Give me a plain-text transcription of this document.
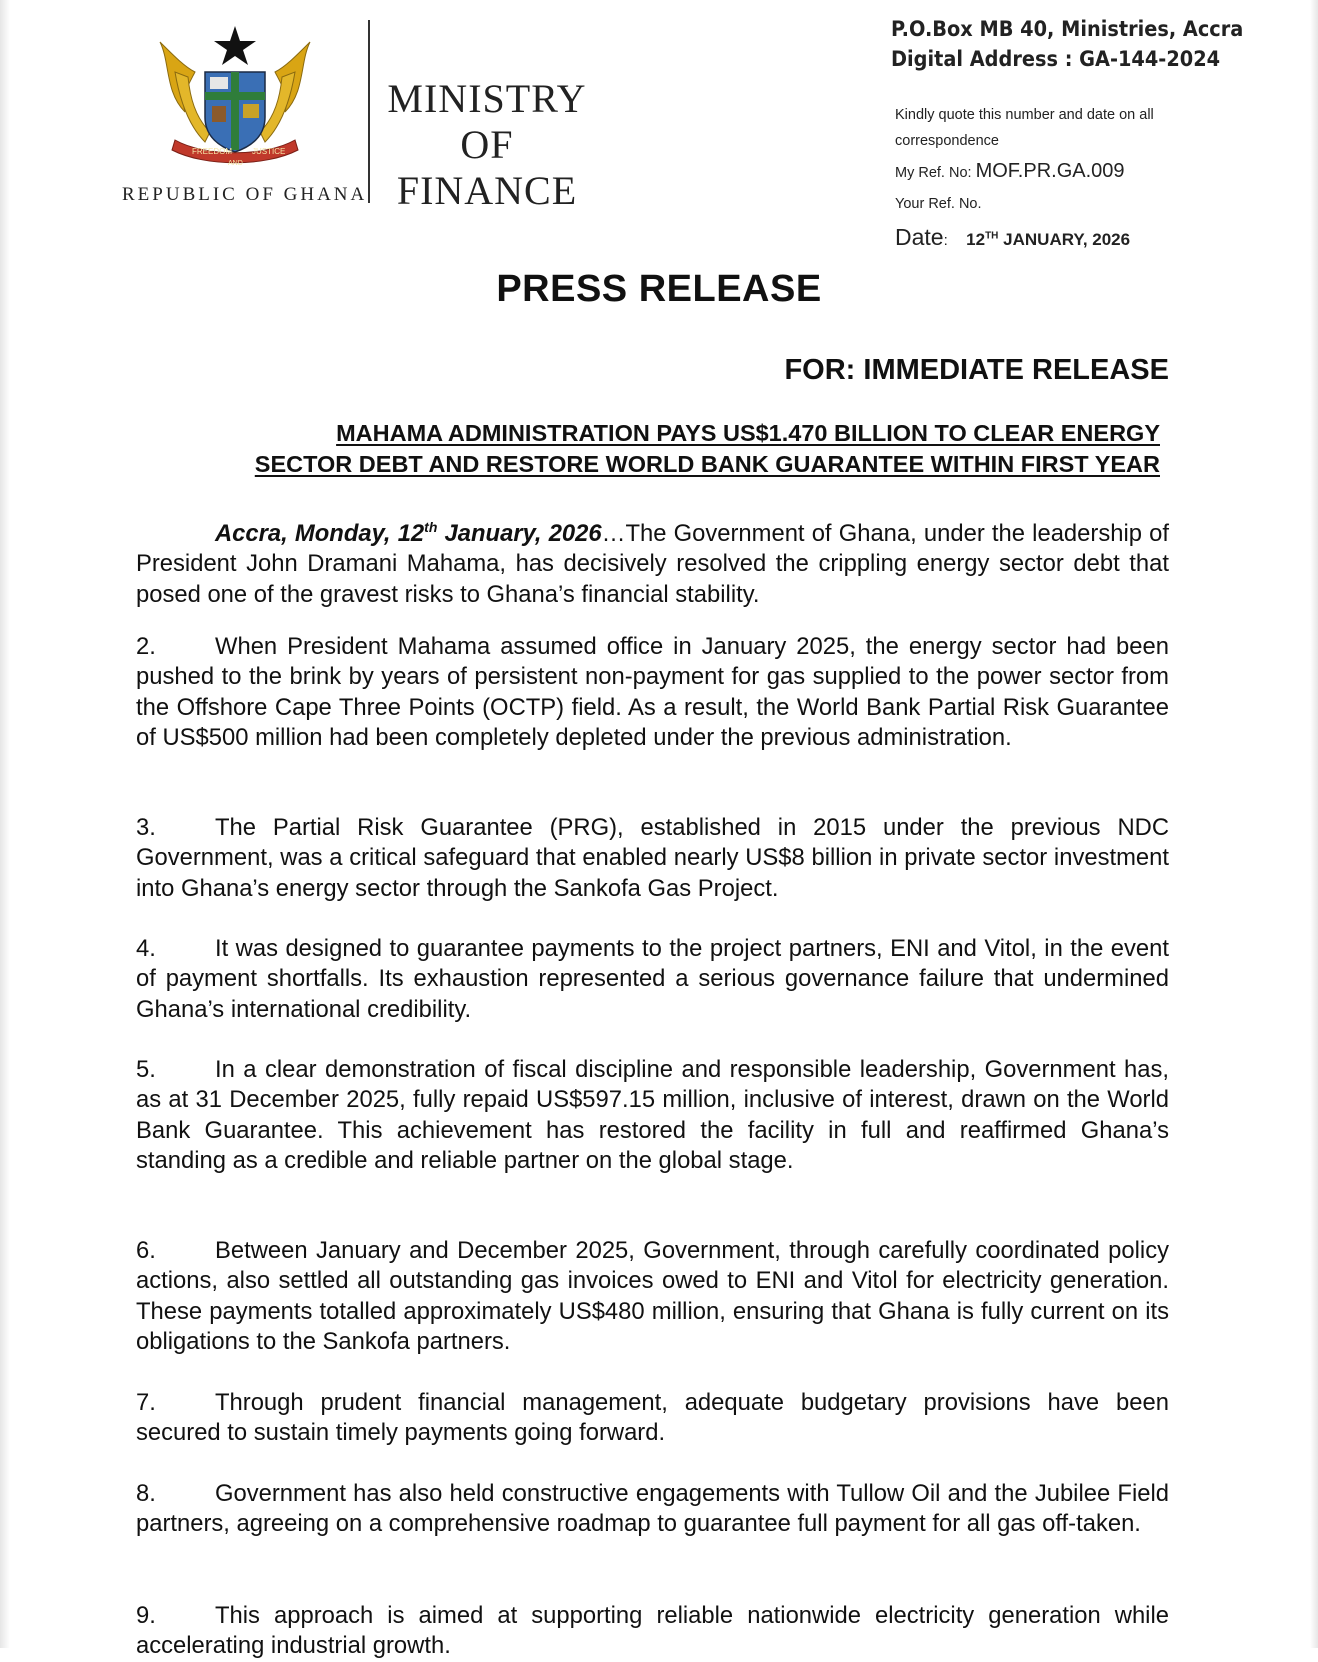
FREEDOM	JUSTICE
AND
REPUBLIC OF GHANA
MINISTRY
OF
FINANCE
P.O.Box MB 40, Ministries, Accra
Digital Address : GA-144-2024
Kindly quote this number and date on all correspondence
My Ref. No: MOF.PR.GA.009
Your Ref. No.
Date: 12TH JANUARY, 2026
PRESS RELEASE
FOR: IMMEDIATE RELEASE
MAHAMA ADMINISTRATION PAYS US$1.470 BILLION TO CLEAR ENERGY
SECTOR DEBT AND RESTORE WORLD BANK GUARANTEE WITHIN FIRST YEAR
Accra, Monday, 12th January, 2026…The Government of Ghana, under the leadership of President John Dramani Mahama, has decisively resolved the crippling energy sector debt that posed one of the gravest risks to Ghana’s financial stability.
2. When President Mahama assumed office in January 2025, the energy sector had been pushed to the brink by years of persistent non-payment for gas supplied to the power sector from the Offshore Cape Three Points (OCTP) field. As a result, the World Bank Partial Risk Guarantee of US$500 million had been completely depleted under the previous administration.
3. The Partial Risk Guarantee (PRG), established in 2015 under the previous NDC Government, was a critical safeguard that enabled nearly US$8 billion in private sector investment into Ghana’s energy sector through the Sankofa Gas Project.
4. It was designed to guarantee payments to the project partners, ENI and Vitol, in the event of payment shortfalls. Its exhaustion represented a serious governance failure that undermined Ghana’s international credibility.
5. In a clear demonstration of fiscal discipline and responsible leadership, Government has, as at 31 December 2025, fully repaid US$597.15 million, inclusive of interest, drawn on the World Bank Guarantee. This achievement has restored the facility in full and reaffirmed Ghana’s standing as a credible and reliable partner on the global stage.
6. Between January and December 2025, Government, through carefully coordinated policy actions, also settled all outstanding gas invoices owed to ENI and Vitol for electricity generation. These payments totalled approximately US$480 million, ensuring that Ghana is fully current on its obligations to the Sankofa partners.
7. Through prudent financial management, adequate budgetary provisions have been secured to sustain timely payments going forward.
8. Government has also held constructive engagements with Tullow Oil and the Jubilee Field partners, agreeing on a comprehensive roadmap to guarantee full payment for all gas off-taken.
9. This approach is aimed at supporting reliable nationwide electricity generation while accelerating industrial growth.
